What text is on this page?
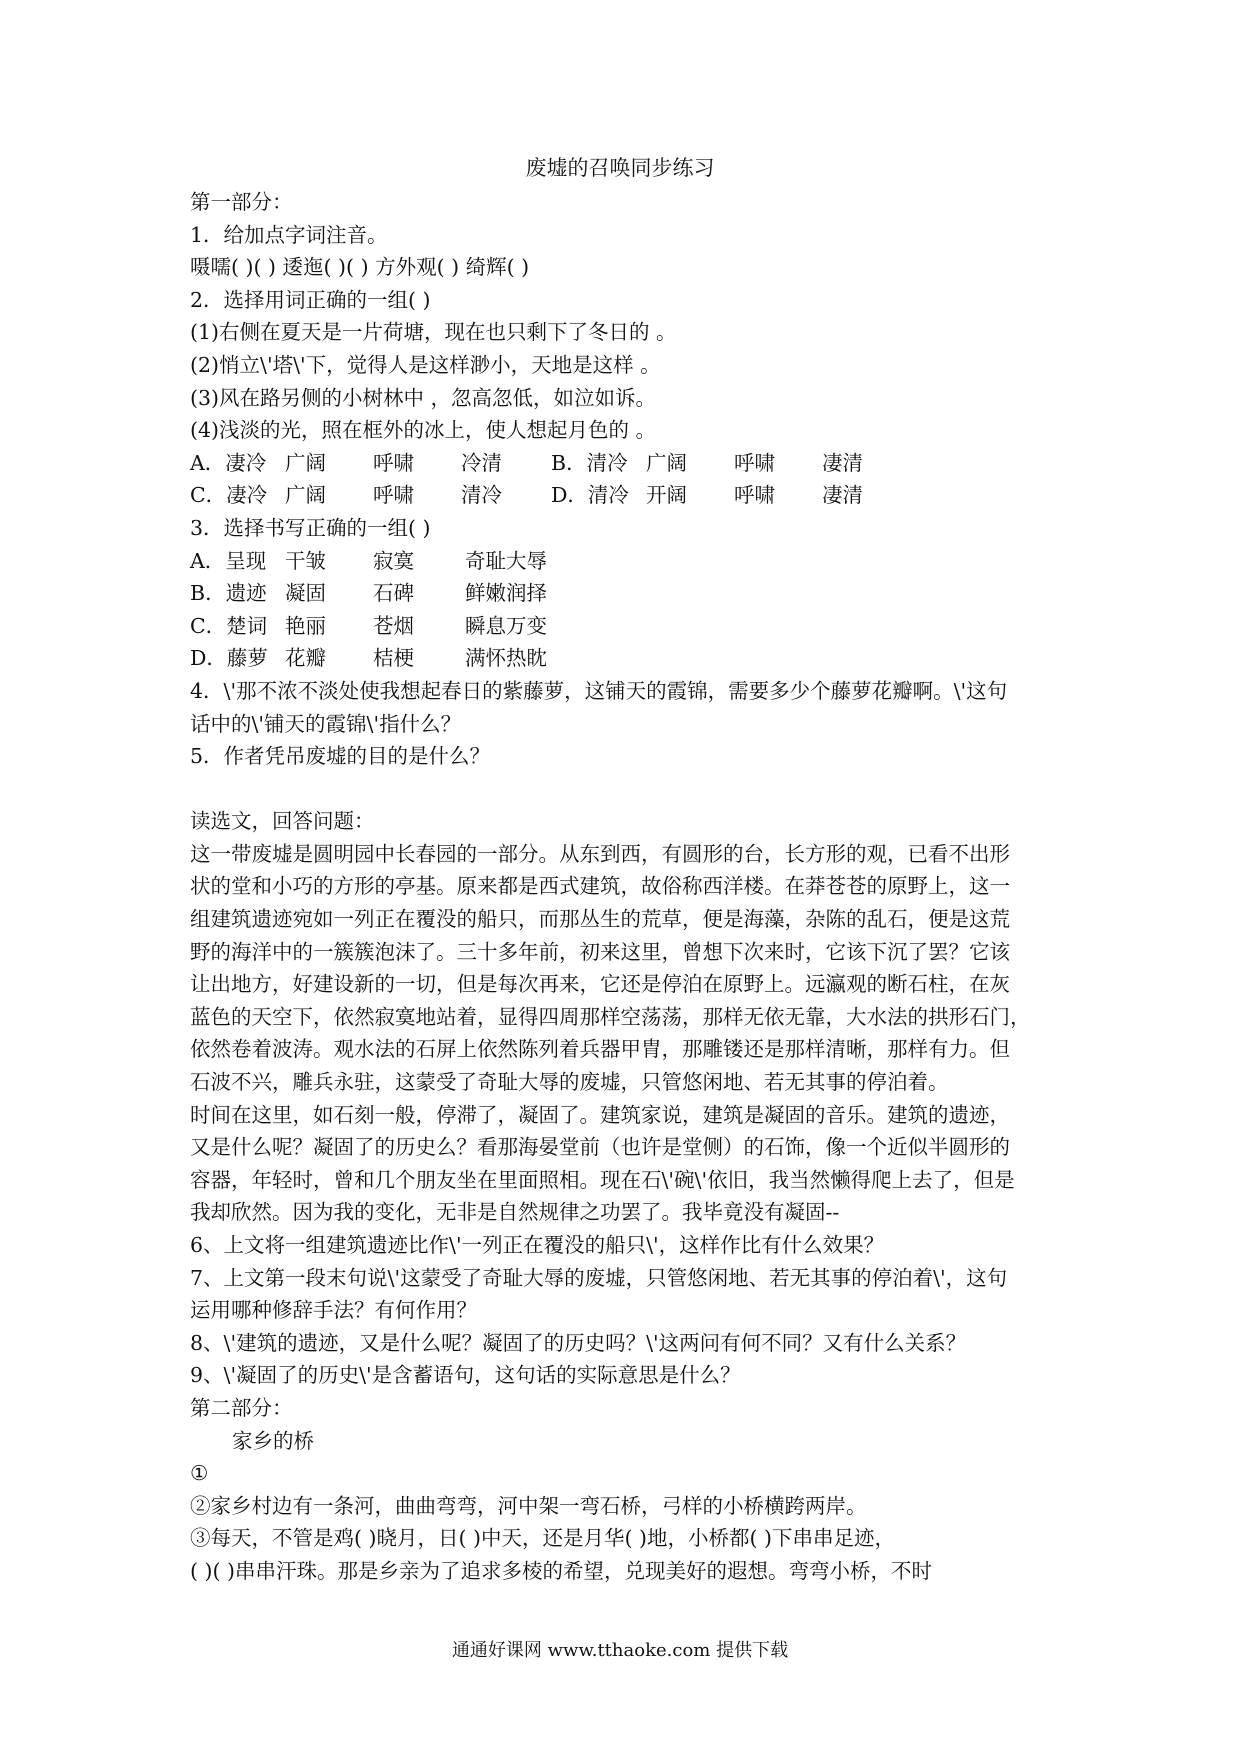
废墟的召唤同步练习
第一部分：
1．给加点字词注音。
嗫嚅( )( ) 逶迤( )( ) 方外观( ) 绮辉( )
2．选择用词正确的一组( )
(1)右侧在夏天是一片荷塘，现在也只剩下了冬日的 。
(2)悄立\'塔\'下，觉得人是这样渺小，天地是这样 。
(3)风在路另侧的小树林中 ，忽高忽低，如泣如诉。
(4)浅淡的光，照在框外的冰上，使人想起月色的 。
A．凄冷 广阔 呼啸 冷清 B．清冷 广阔 呼啸 凄清
C．凄冷 广阔 呼啸 清冷 D．清冷 开阔 呼啸 凄清
3．选择书写正确的一组( )
A．呈现 干皱 寂寞 奇耻大辱
B．遗迹 凝固 石碑 鲜嫩润择
C．楚词 艳丽 苍烟 瞬息万变
D．藤萝 花瓣 桔梗 满怀热眈
4．\'那不浓不淡处使我想起春日的紫藤萝，这铺天的霞锦，需要多少个藤萝花瓣啊。\'这句
话中的\'铺天的霞锦\'指什么？
5．作者凭吊废墟的目的是什么？
读选文，回答问题：
这一带废墟是圆明园中长春园的一部分。从东到西，有圆形的台，长方形的观，已看不出形
状的堂和小巧的方形的亭基。原来都是西式建筑，故俗称西洋楼。在莽苍苍的原野上，这一
组建筑遗迹宛如一列正在覆没的船只，而那丛生的荒草，便是海藻，杂陈的乱石，便是这荒
野的海洋中的一簇簇泡沫了。三十多年前，初来这里，曾想下次来时，它该下沉了罢？它该
让出地方，好建设新的一切，但是每次再来，它还是停泊在原野上。远瀛观的断石柱，在灰
蓝色的天空下，依然寂寞地站着，显得四周那样空荡荡，那样无依无靠，大水法的拱形石门，
依然卷着波涛。观水法的石屏上依然陈列着兵器甲胄，那雕镂还是那样清晰，那样有力。但
石波不兴，雕兵永驻，这蒙受了奇耻大辱的废墟，只管悠闲地、若无其事的停泊着。
时间在这里，如石刻一般，停滞了，凝固了。建筑家说，建筑是凝固的音乐。建筑的遗迹，
又是什么呢？凝固了的历史么？看那海晏堂前（也许是堂侧）的石饰，像一个近似半圆形的
容器，年轻时，曾和几个朋友坐在里面照相。现在石\'碗\'依旧，我当然懒得爬上去了，但是
我却欣然。因为我的变化，无非是自然规律之功罢了。我毕竟没有凝固--
6、上文将一组建筑遗迹比作\'一列正在覆没的船只\'，这样作比有什么效果？
7、上文第一段末句说\'这蒙受了奇耻大辱的废墟，只管悠闲地、若无其事的停泊着\'，这句
运用哪种修辞手法？有何作用？
8、\'建筑的遗迹，又是什么呢？凝固了的历史吗？\'这两问有何不同？又有什么关系？
9、\'凝固了的历史\'是含蓄语句，这句话的实际意思是什么？
第二部分：
家乡的桥
①
②家乡村边有一条河，曲曲弯弯，河中架一弯石桥，弓样的小桥横跨两岸。
③每天，不管是鸡( )晓月，日( )中天，还是月华( )地，小桥都( )下串串足迹，
( )( )串串汗珠。那是乡亲为了追求多棱的希望，兑现美好的遐想。弯弯小桥，不时
通通好课网 www.tthaoke.com 提供下载
